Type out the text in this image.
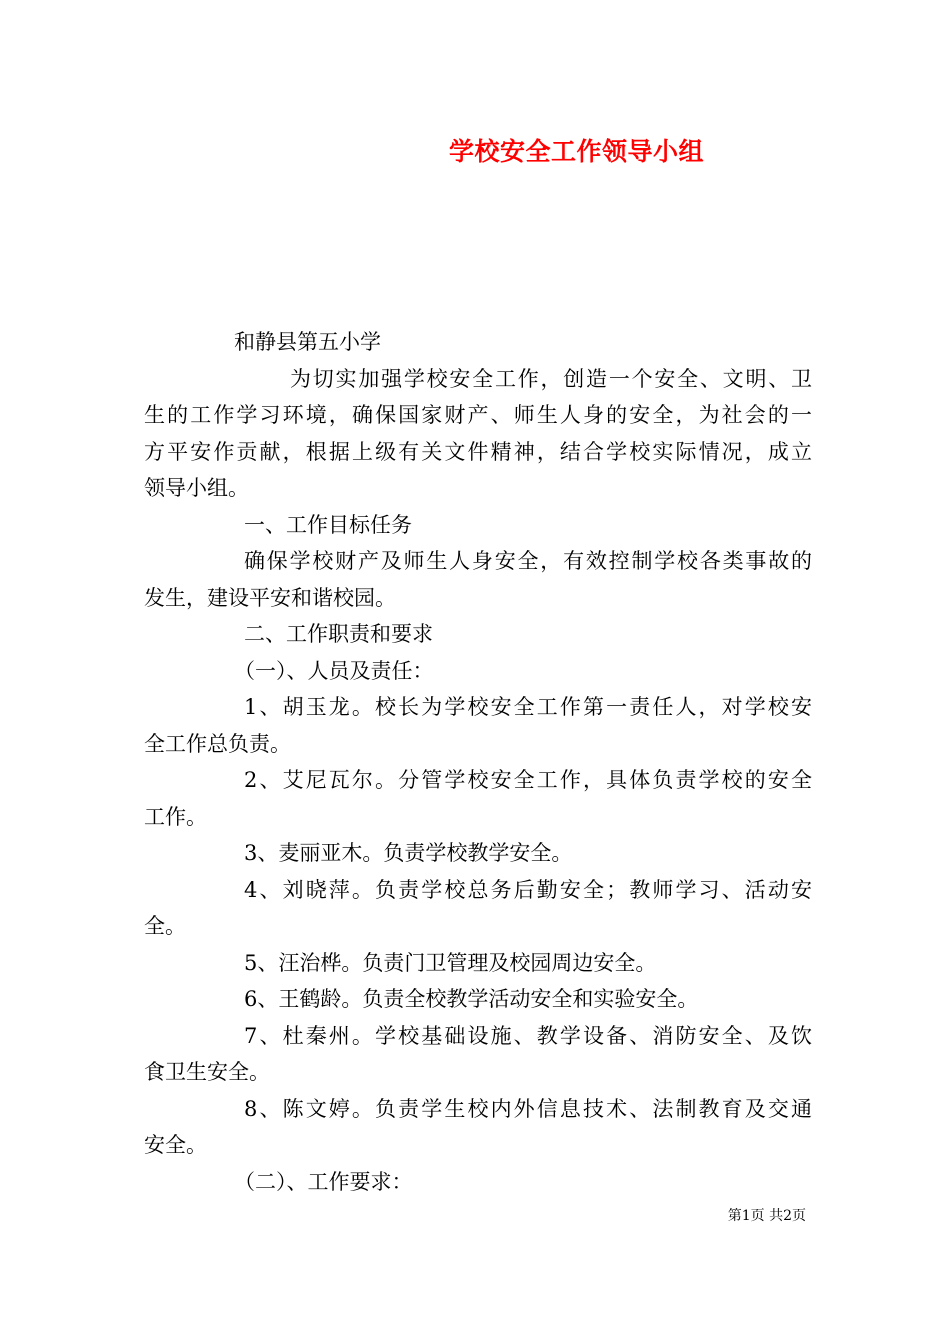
学校安全工作领导小组
和静县第五小学
为切实加强学校安全工作，创造一个安全、文明、卫
生的工作学习环境，确保国家财产、师生人身的安全，为社会的一
方平安作贡献，根据上级有关文件精神，结合学校实际情况，成立
领导小组。
一、工作目标任务
确保学校财产及师生人身安全，有效控制学校各类事故的
发生，建设平安和谐校园。
二、工作职责和要求
（一）、人员及责任：
1、胡玉龙。校长为学校安全工作第一责任人，对学校安
全工作总负责。
2、艾尼瓦尔。分管学校安全工作，具体负责学校的安全
工作。
3、麦丽亚木。负责学校教学安全。
4、刘晓萍。负责学校总务后勤安全；教师学习、活动安
全。
5、汪治桦。负责门卫管理及校园周边安全。
6、王鹤龄。负责全校教学活动安全和实验安全。
7、杜秦州。学校基础设施、教学设备、消防安全、及饮
食卫生安全。
8、陈文婷。负责学生校内外信息技术、法制教育及交通
安全。
（二）、工作要求：
第1页 共2页
